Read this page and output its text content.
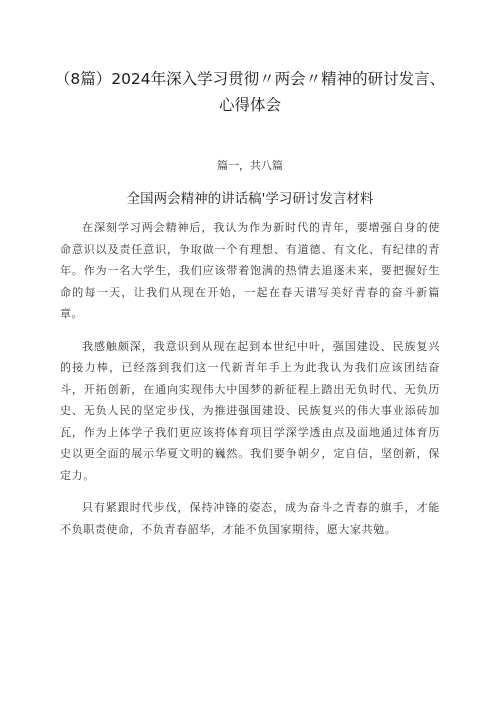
（8篇）2024年深入学习贯彻〃两会〃精神的研讨发言、
心得体会

篇一，共八篇

全国两会精神的讲话稿'学习研讨发言材料

在深刻学习两会精神后，我认为作为新时代的青年，要增强自身的使命意识以及责任意识，争取做一个有理想、有道德、有文化、有纪律的青年。作为一名大学生，我们应该带着饱满的热情去追逐未来，要把握好生命的每一天，让我们从现在开始，一起在春天谱写美好青春的奋斗新篇章。

我感触颇深，我意识到从现在起到本世纪中叶，强国建设、民族复兴的接力棒，已经落到我们这一代新青年手上为此我认为我们应该团结奋斗，开拓创新，在通向实现伟大中国梦的新征程上踏出无负时代、无负历史、无负人民的坚定步伐，为推进强国建设、民族复兴的伟大事业添砖加瓦，作为上体学子我们更应该将体育项目学深学透由点及面地通过体育历史以更全面的展示华夏文明的巍然。我们要争朝夕，定自信，坚创新，保定力。

只有紧跟时代步伐，保持冲锋的姿态，成为奋斗之青春的旗手，才能不负职责使命，不负青春韶华，才能不负国家期待，愿大家共勉。
